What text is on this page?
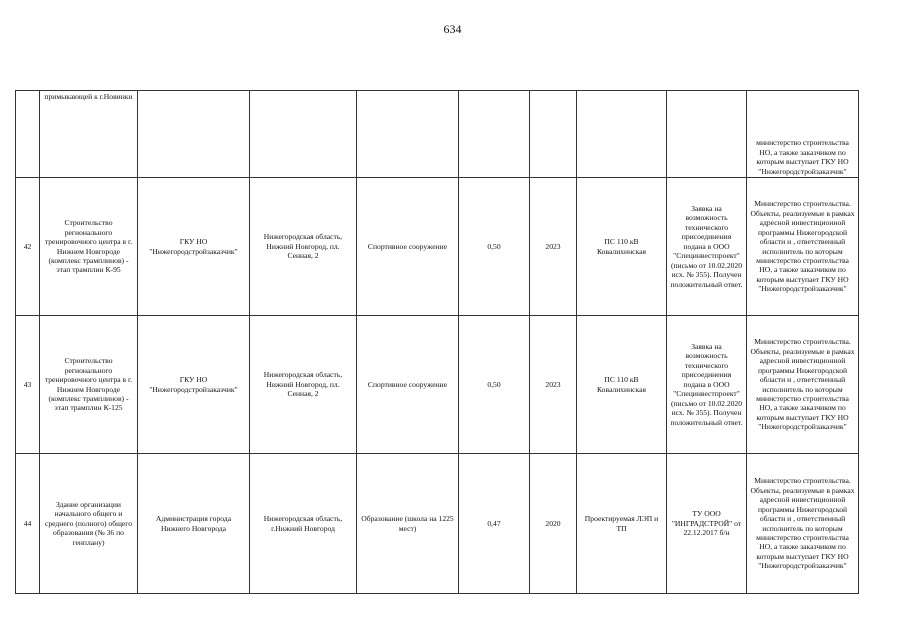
634
	примыкающей к г.Новинки								министерство строительства НО, а также заказчиком по которым выступает ГКУ НО "Нижегородстройзаказчик"
42	Строительство регионального тренировочного центра в г. Нижнем Новгороде (комплекс трамплинов) - этап трамплин К-95	ГКУ НО "Нижегородстройзаказчик"	Нижегородская область, Нижний Новгород, пл. Сенная, 2	Спортивное сооружение	0,50	2023	ПС 110 кВ Ковалихинская	Заявка на возможность технического присоединения подана в ООО "Специнвестпроект" (письмо от 10.02.2020 исх. № 355). Получен положительный ответ.	Министерство строительства. Объекты, реализуемые в рамках адресной инвестиционной программы Нижегородской области и , ответственный исполнитель по которым министерство строительства НО, а также заказчиком по которым выступает ГКУ НО "Нижегородстройзаказчик"
43	Строительство регионального тренировочного центра в г. Нижнем Новгороде (комплекс трамплинов) - этап трамплин К-125	ГКУ НО "Нижегородстройзаказчик"	Нижегородская область, Нижний Новгород, пл. Сенная, 2	Спортивное сооружение	0,50	2023	ПС 110 кВ Ковалихинская	Заявка на возможность технического присоединения подана в ООО "Специнвестпроект" (письмо от 10.02.2020 исх. № 355). Получен положительный ответ.	Министерство строительства. Объекты, реализуемые в рамках адресной инвестиционной программы Нижегородской области и , ответственный исполнитель по которым министерство строительства НО, а также заказчиком по которым выступает ГКУ НО "Нижегородстройзаказчик"
44	Здание организации начального общего и среднего (полного) общего образования (№ 36 по генплану)	Администрация города Нижнего Новгорода	Нижегородская область, г.Нижний Новгород	Образование (школа на 1225 мест)	0,47	2020	Проектируемая ЛЭП и ТП	ТУ ООО "ИНГРАДСТРОЙ" от 22.12.2017 б/н	Министерство строительства. Объекты, реализуемые в рамках адресной инвестиционной программы Нижегородской области и , ответственный исполнитель по которым министерство строительства НО, а также заказчиком по которым выступает ГКУ НО "Нижегородстройзаказчик"
